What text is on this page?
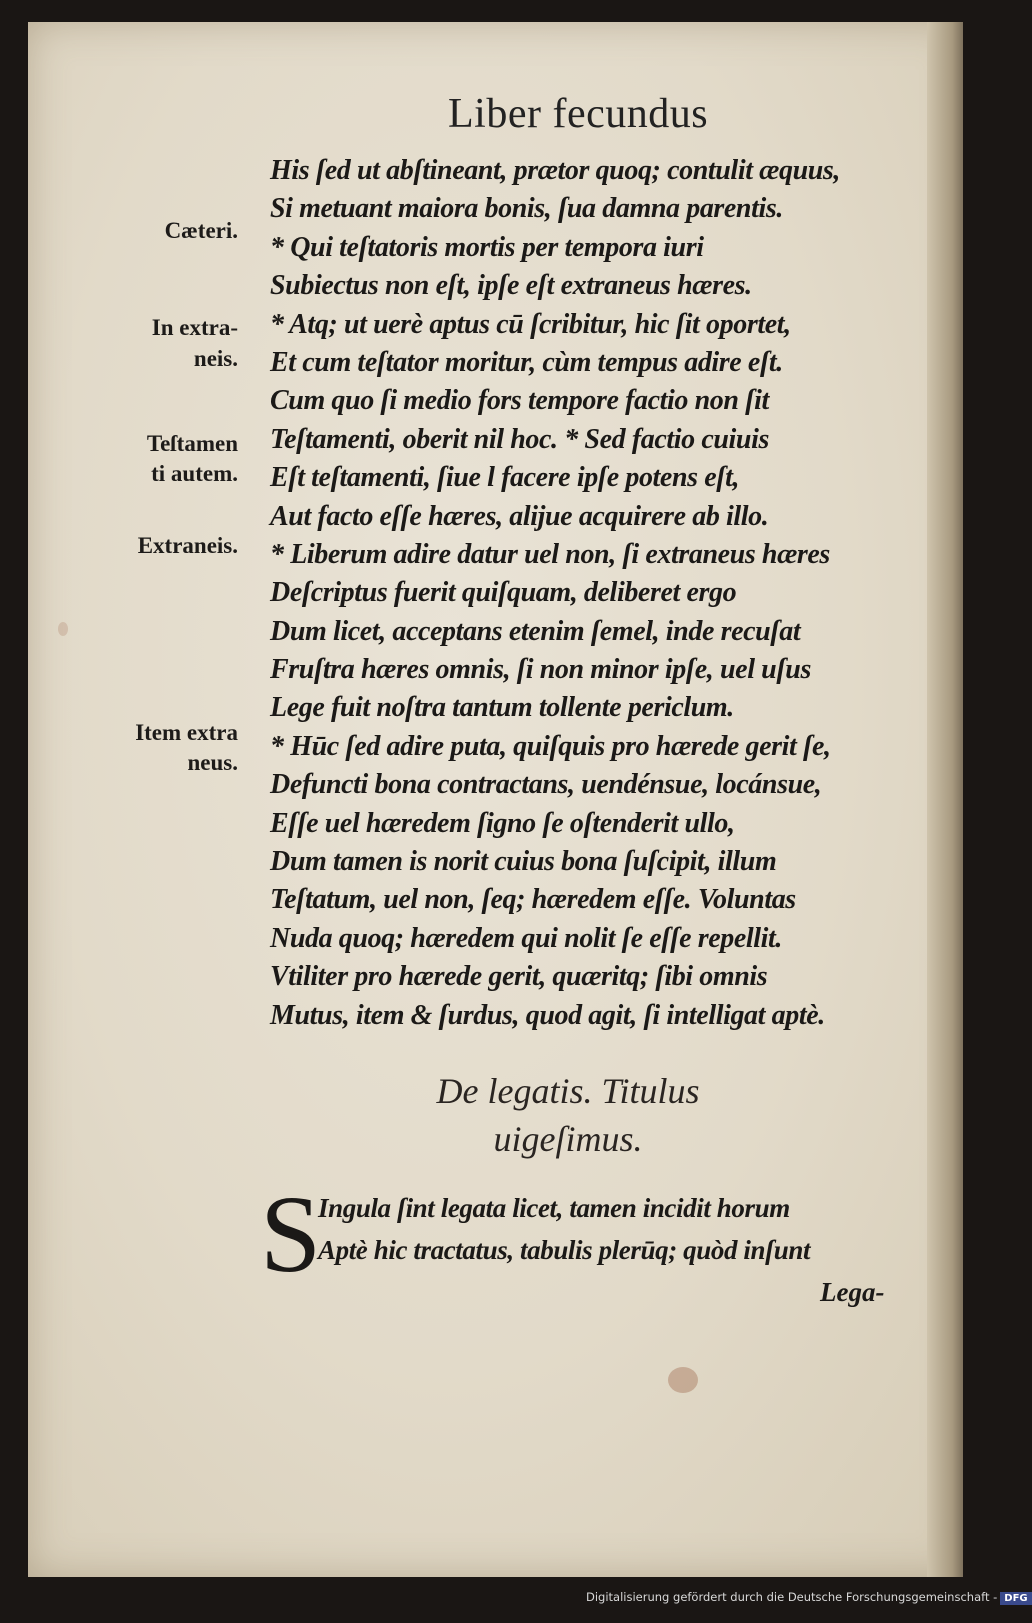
Liber fecundus
Cæteri.
In extra-
neis.
Teſtamen
ti autem.
Extraneis.
Item extra
neus.
His ſed ut abſtineant, prætor quoq; contulit æquus,
Si metuant maiora bonis, ſua damna parentis.
* Qui teſtatoris mortis per tempora iuri
Subiectus non eſt, ipſe eſt extraneus hæres.
* Atq; ut uerè aptus cū ſcribitur, hic ſit oportet,
Et cum teſtator moritur, cùm tempus adire eſt.
Cum quo ſi medio fors tempore factio non ſit
Teſtamenti, oberit nil hoc. * Sed factio cuiuis
Eſt teſtamenti, ſiue l facere ipſe potens eſt,
Aut facto eſſe hæres, alijue acquirere ab illo.
* Liberum adire datur uel non, ſi extraneus hæres
Deſcriptus fuerit quiſquam, deliberet ergo
Dum licet, acceptans etenim ſemel, inde recuſat
Fruſtra hæres omnis, ſi non minor ipſe, uel uſus
Lege fuit noſtra tantum tollente periclum.
* Hūc ſed adire puta, quiſquis pro hærede gerit ſe,
Defuncti bona contractans, uendénsue, locánsue,
Eſſe uel hæredem ſigno ſe oſtenderit ullo,
Dum tamen is norit cuius bona ſuſcipit, illum
Teſtatum, uel non, ſeq; hæredem eſſe. Voluntas
Nuda quoq; hæredem qui nolit ſe eſſe repellit.
Vtiliter pro hærede gerit, quæritq; ſibi omnis
Mutus, item & ſurdus, quod agit, ſi intelligat aptè.
De legatis. Titulus
uigeſimus.
S
Ingula ſint legata licet, tamen incidit horum
Aptè hic tractatus, tabulis plerūq; quòd inſunt
Lega-
Digitalisierung gefördert durch die Deutsche Forschungsgemeinschaft - DFG
